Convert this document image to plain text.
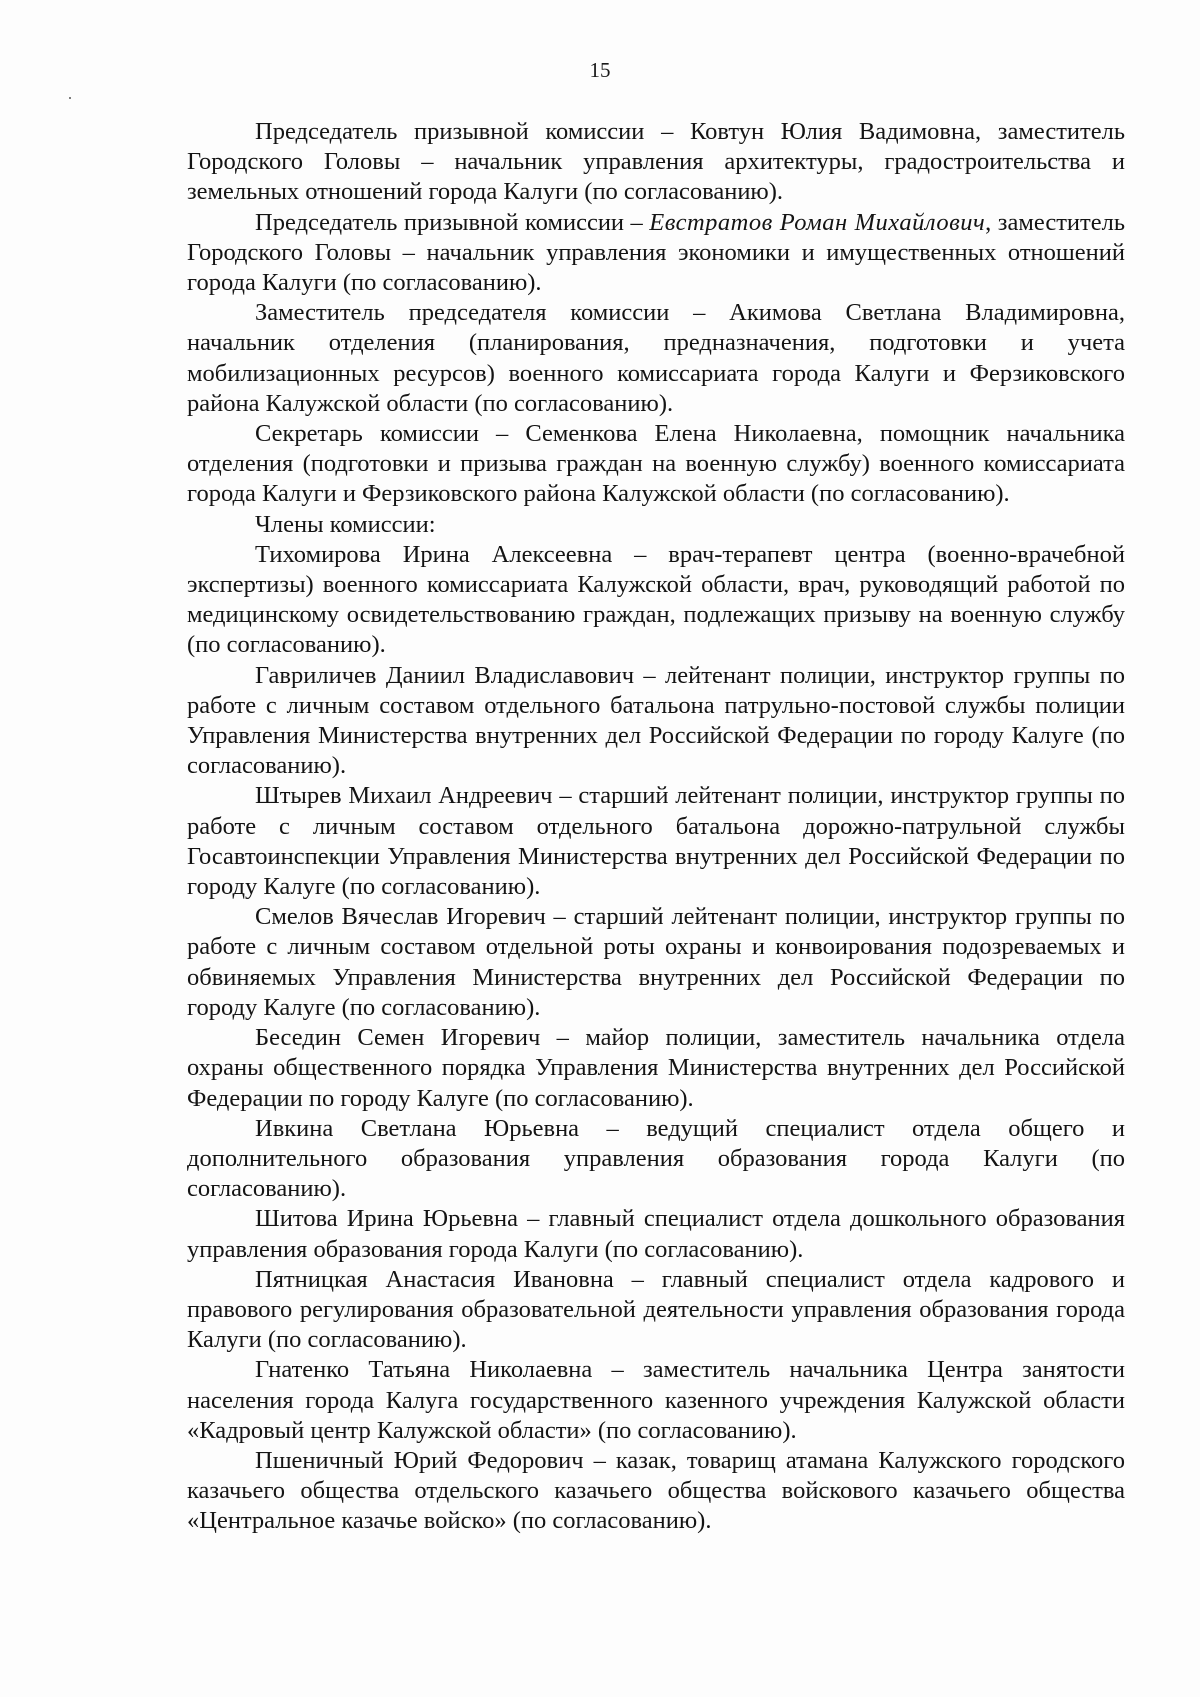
15

Председатель призывной комиссии – Ковтун Юлия Вадимовна, заместитель Городского Головы – начальник управления архитектуры, градостроительства и земельных отношений города Калуги (по согласованию).

Председатель призывной комиссии – Евстратов Роман Михайлович, заместитель Городского Головы – начальник управления экономики и имущественных отношений города Калуги (по согласованию).

Заместитель председателя комиссии – Акимова Светлана Владимировна, начальник отделения (планирования, предназначения, подготовки и учета мобилизационных ресурсов) военного комиссариата города Калуги и Ферзиковского района Калужской области (по согласованию).

Секретарь комиссии – Семенкова Елена Николаевна, помощник начальника отделения (подготовки и призыва граждан на военную службу) военного комиссариата города Калуги и Ферзиковского района Калужской области (по согласованию).

Члены комиссии:

Тихомирова Ирина Алексеевна – врач-терапевт центра (военно-врачебной экспертизы) военного комиссариата Калужской области, врач, руководящий работой по медицинскому освидетельствованию граждан, подлежащих призыву на военную службу (по согласованию).

Гавриличев Даниил Владиславович – лейтенант полиции, инструктор группы по работе с личным составом отдельного батальона патрульно-постовой службы полиции Управления Министерства внутренних дел Российской Федерации по городу Калуге (по согласованию).

Штырев Михаил Андреевич – старший лейтенант полиции, инструктор группы по работе с личным составом отдельного батальона дорожно-патрульной службы Госавтоинспекции Управления Министерства внутренних дел Российской Федерации по городу Калуге (по согласованию).

Смелов Вячеслав Игоревич – старший лейтенант полиции, инструктор группы по работе с личным составом отдельной роты охраны и конвоирования подозреваемых и обвиняемых Управления Министерства внутренних дел Российской Федерации по городу Калуге (по согласованию).

Беседин Семен Игоревич – майор полиции, заместитель начальника отдела охраны общественного порядка Управления Министерства внутренних дел Российской Федерации по городу Калуге (по согласованию).

Ивкина Светлана Юрьевна – ведущий специалист отдела общего и дополнительного образования управления образования города Калуги (по согласованию).

Шитова Ирина Юрьевна – главный специалист отдела дошкольного образования управления образования города Калуги (по согласованию).

Пятницкая Анастасия Ивановна – главный специалист отдела кадрового и правового регулирования образовательной деятельности управления образования города Калуги (по согласованию).

Гнатенко Татьяна Николаевна – заместитель начальника Центра занятости населения города Калуга государственного казенного учреждения Калужской области «Кадровый центр Калужской области» (по согласованию).

Пшеничный Юрий Федорович – казак, товарищ атамана Калужского городского казачьего общества отдельского казачьего общества войскового казачьего общества «Центральное казачье войско» (по согласованию).
